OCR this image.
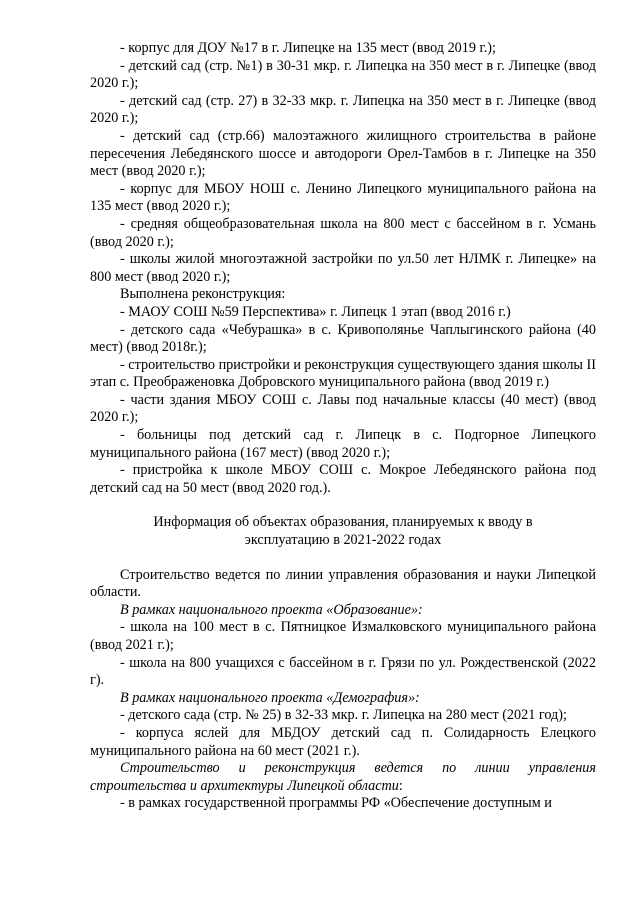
- корпус для ДОУ №17 в г. Липецке на 135 мест (ввод 2019 г.);

- детский сад (стр. №1) в 30-31 мкр. г. Липецка на 350 мест в г. Липецке (ввод 2020 г.);

- детский сад (стр. 27) в 32-33 мкр. г. Липецка на 350 мест в г. Липецке (ввод 2020 г.);

- детский сад (стр.66) малоэтажного жилищного строительства в районе пересечения Лебедянского шоссе и автодороги Орел-Тамбов в г. Липецке на 350 мест (ввод 2020 г.);

- корпус для МБОУ НОШ с. Ленино Липецкого муниципального района на 135 мест (ввод 2020 г.);

- средняя общеобразовательная школа на 800 мест с бассейном в г. Усмань (ввод 2020 г.);

- школы жилой многоэтажной застройки по ул.50 лет НЛМК г. Липецке» на 800 мест (ввод 2020 г.);

Выполнена реконструкция:

- МАОУ СОШ №59 Перспектива» г. Липецк 1 этап (ввод 2016 г.)

- детского сада «Чебурашка» в с. Кривополянье Чаплыгинского района (40 мест) (ввод 2018г.);

- строительство пристройки и реконструкция существующего здания школы II этап с. Преображеновка Добровского муниципального района (ввод 2019 г.)

- части здания МБОУ СОШ с. Лавы под начальные классы (40 мест) (ввод 2020 г.);

- больницы под детский сад г. Липецк в с. Подгорное Липецкого муниципального района (167 мест) (ввод 2020 г.);

- пристройка к школе МБОУ СОШ с. Мокрое Лебедянского района под детский сад на 50 мест (ввод 2020 год.).

Информация об объектах образования, планируемых к вводу в

эксплуатацию в 2021-2022 годах

Строительство ведется по линии управления образования и науки Липецкой области.

В рамках национального проекта «Образование»:

- школа на 100 мест в с. Пятницкое Измалковского муниципального района (ввод 2021 г.);

- школа на 800 учащихся с бассейном в г. Грязи по ул. Рождественской (2022 г).

В рамках национального проекта «Демография»:

- детского сада (стр. № 25) в 32-33 мкр. г. Липецка на 280 мест (2021 год);

- корпуса яслей для МБДОУ детский сад п. Солидарность Елецкого муниципального района на 60 мест (2021 г.).

Строительство и реконструкция ведется по линии управления строительства и архитектуры Липецкой области:

- в рамках государственной программы РФ «Обеспечение доступным и
